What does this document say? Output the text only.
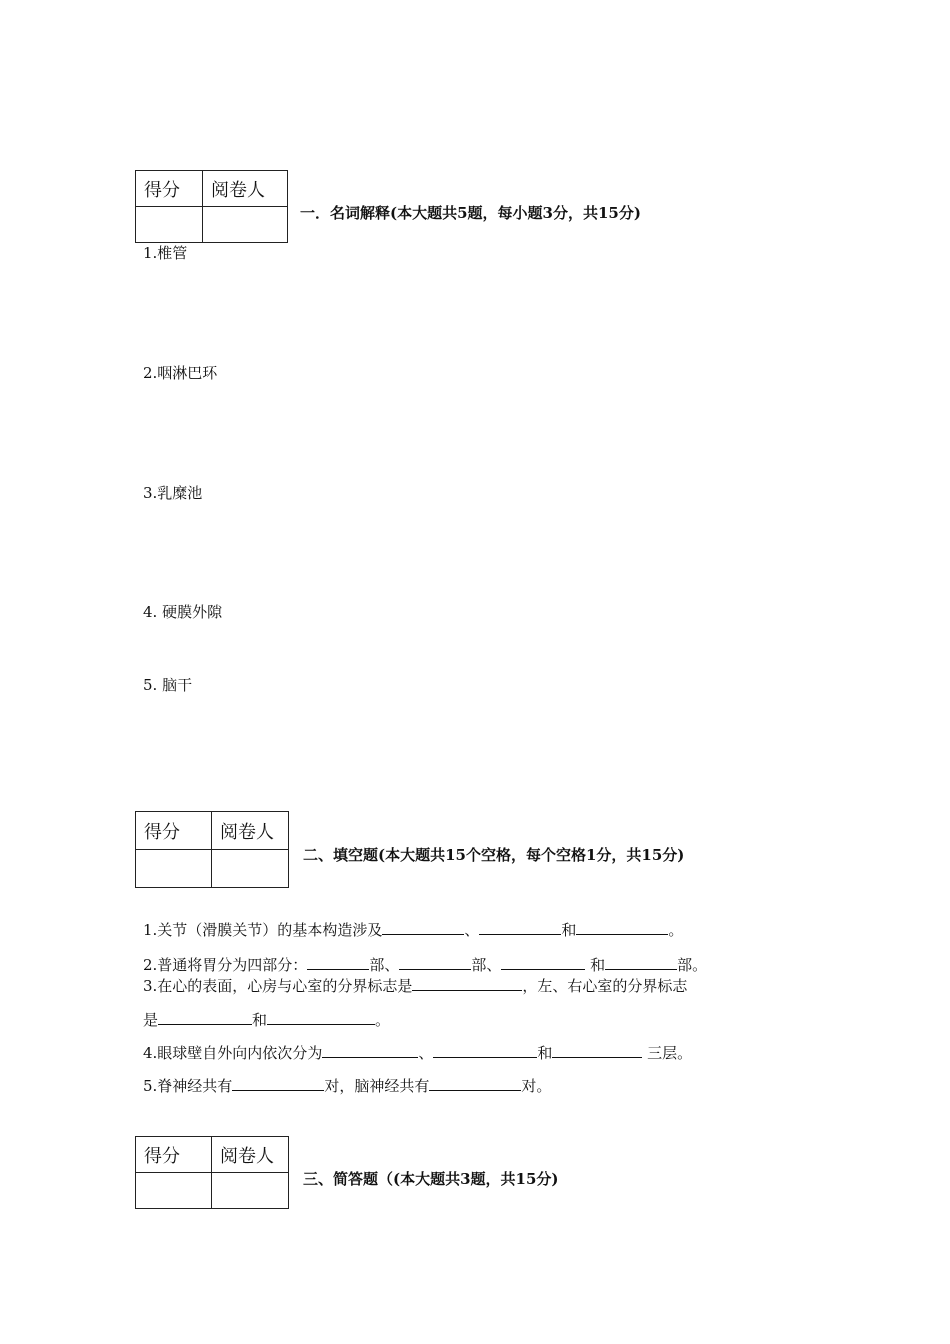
得分	阅卷人

一．名词解释(本大题共5题，每小题3分，共15分)
1.椎管
2.咽淋巴环
3.乳糜池
4. 硬膜外隙
5. 脑干
得分	阅卷人

二、填空题(本大题共15个空格，每个空格1分，共15分)
1.关节（滑膜关节）的基本构造涉及	、	和	。
2.普通将胃分为四部分：	部、	部、	和	部。
3.在心的表面，心房与心室的分界标志是	，左、右心室的分界标志
是	和	。
4.眼球壁自外向内依次分为	、	和	三层。
5.脊神经共有	对，脑神经共有	对。
得分	阅卷人

三、简答题（(本大题共3题，共15分)
